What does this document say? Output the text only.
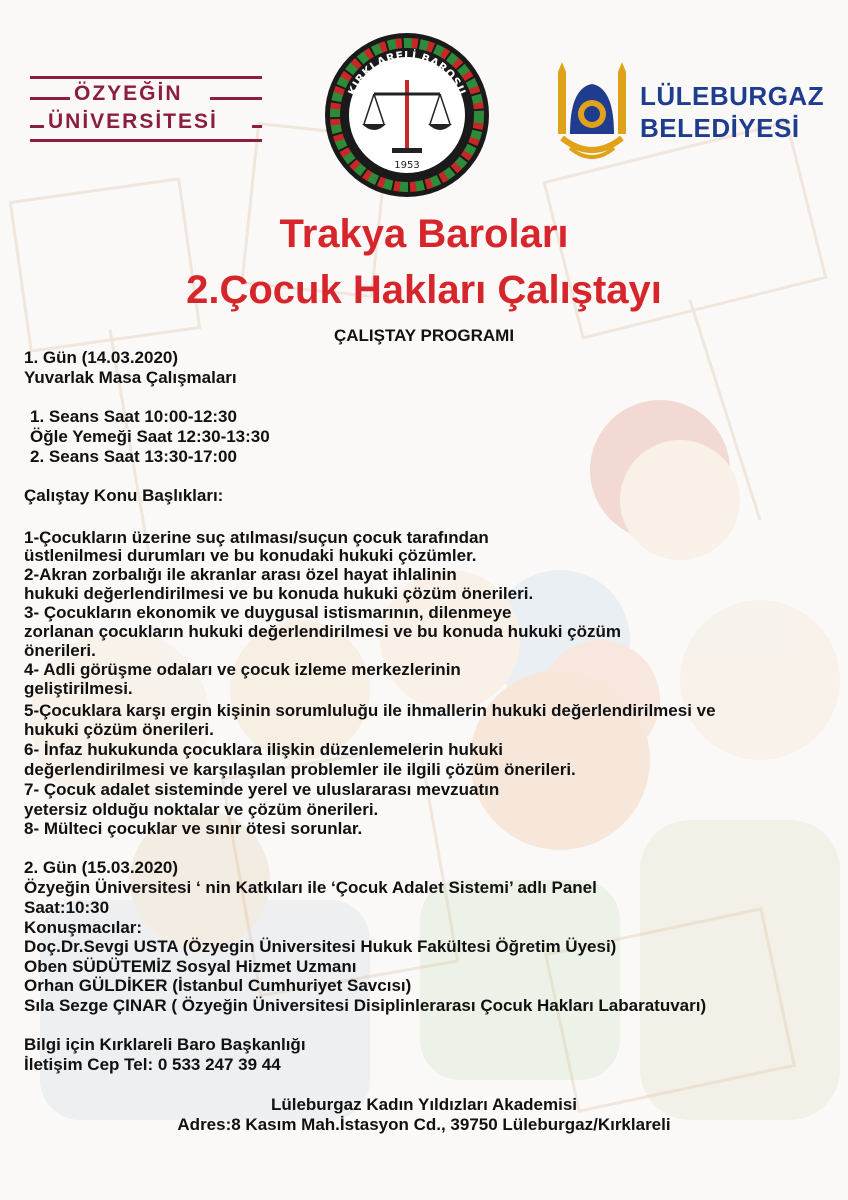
ÖZYEĞİN
ÜNİVERSİTESİ
KIRKLARELİ BAROSU
1953
LÜLEBURGAZ
BELEDİYESİ
Trakya Baroları
2.Çocuk Hakları Çalıştayı
ÇALIŞTAY PROGRAMI
1. Gün (14.03.2020)
Yuvarlak Masa Çalışmaları
1. Seans Saat 10:00-12:30
Öğle Yemeği Saat 12:30-13:30
2. Seans Saat 13:30-17:00
Çalıştay Konu Başlıkları:
1-Çocukların üzerine suç atılması/suçun çocuk tarafından
üstlenilmesi durumları ve bu konudaki hukuki çözümler.
2-Akran zorbalığı ile akranlar arası özel hayat ihlalinin
hukuki değerlendirilmesi ve bu konuda hukuki çözüm önerileri.
3- Çocukların ekonomik ve duygusal istismarının, dilenmeye
zorlanan çocukların hukuki değerlendirilmesi ve bu konuda hukuki çözüm
önerileri.
4- Adli görüşme odaları ve çocuk izleme merkezlerinin
geliştirilmesi.
5-Çocuklara karşı ergin kişinin sorumluluğu ile ihmallerin hukuki değerlendirilmesi ve
hukuki çözüm önerileri.
6- İnfaz hukukunda çocuklara ilişkin düzenlemelerin hukuki
değerlendirilmesi ve karşılaşılan problemler ile ilgili çözüm önerileri.
7- Çocuk adalet sisteminde yerel ve uluslararası mevzuatın
yetersiz olduğu noktalar ve çözüm önerileri.
8- Mülteci çocuklar ve sınır ötesi sorunlar.
2. Gün (15.03.2020)
Özyeğin Üniversitesi ‘ nin Katkıları ile ‘Çocuk Adalet Sistemi’ adlı Panel
Saat:10:30
Konuşmacılar:
Doç.Dr.Sevgi USTA (Özyegin Üniversitesi Hukuk Fakültesi Öğretim Üyesi)
Oben SÜDÜTEMİZ Sosyal Hizmet Uzmanı
Orhan GÜLDİKER (İstanbul Cumhuriyet Savcısı)
Sıla Sezge ÇINAR ( Özyeğin Üniversitesi Disiplinlerarası Çocuk Hakları Labaratuvarı)
Bilgi için Kırklareli Baro Başkanlığı
İletişim Cep Tel: 0 533 247 39 44
Lüleburgaz Kadın Yıldızları Akademisi
Adres:8 Kasım Mah.İstasyon Cd., 39750 Lüleburgaz/Kırklareli
